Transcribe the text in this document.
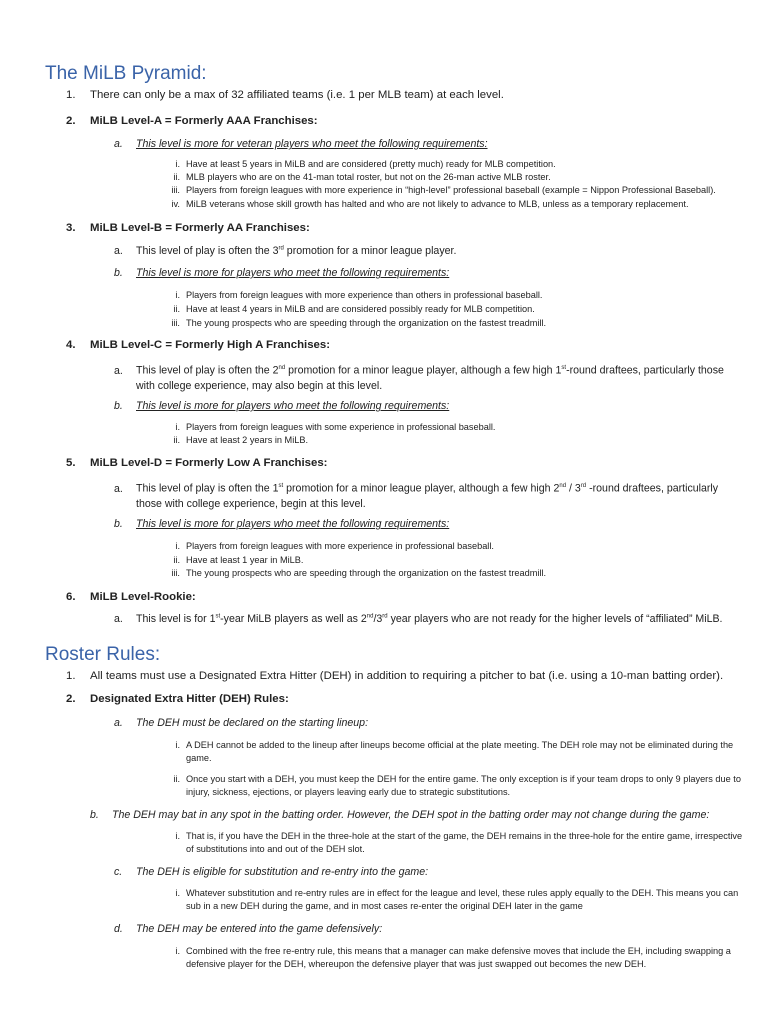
The MiLB Pyramid:
1. There can only be a max of 32 affiliated teams (i.e. 1 per MLB team) at each level.
2. MiLB Level-A = Formerly AAA Franchises:
a. This level is more for veteran players who meet the following requirements:
i. Have at least 5 years in MiLB and are considered (pretty much) ready for MLB competition.
ii. MLB players who are on the 41-man total roster, but not on the 26-man active MLB roster.
iii. Players from foreign leagues with more experience in “high-level” professional baseball (example = Nippon Professional Baseball).
iv. MiLB veterans whose skill growth has halted and who are not likely to advance to MLB, unless as a temporary replacement.
3. MiLB Level-B = Formerly AA Franchises:
a. This level of play is often the 3rd promotion for a minor league player.
b. This level is more for players who meet the following requirements:
i. Players from foreign leagues with more experience than others in professional baseball.
ii. Have at least 4 years in MiLB and are considered possibly ready for MLB competition.
iii. The young prospects who are speeding through the organization on the fastest treadmill.
4. MiLB Level-C = Formerly High A Franchises:
a. This level of play is often the 2nd promotion for a minor league player, although a few high 1st-round draftees, particularly those with college experience, may also begin at this level.
b. This level is more for players who meet the following requirements:
i. Players from foreign leagues with some experience in professional baseball.
ii. Have at least 2 years in MiLB.
5. MiLB Level-D = Formerly Low A Franchises:
a. This level of play is often the 1st promotion for a minor league player, although a few high 2nd / 3rd -round draftees, particularly those with college experience, begin at this level.
b. This level is more for players who meet the following requirements:
i. Players from foreign leagues with more experience in professional baseball.
ii. Have at least 1 year in MiLB.
iii. The young prospects who are speeding through the organization on the fastest treadmill.
6. MiLB Level-Rookie:
a. This level is for 1st-year MiLB players as well as 2nd/3rd year players who are not ready for the higher levels of “affiliated” MiLB.
Roster Rules:
1. All teams must use a Designated Extra Hitter (DEH) in addition to requiring a pitcher to bat (i.e. using a 10-man batting order).
2. Designated Extra Hitter (DEH) Rules:
a. The DEH must be declared on the starting lineup:
i. A DEH cannot be added to the lineup after lineups become official at the plate meeting. The DEH role may not be eliminated during the game.
ii. Once you start with a DEH, you must keep the DEH for the entire game. The only exception is if your team drops to only 9 players due to injury, sickness, ejections, or players leaving early due to strategic substitutions.
b. The DEH may bat in any spot in the batting order. However, the DEH spot in the batting order may not change during the game:
i. That is, if you have the DEH in the three-hole at the start of the game, the DEH remains in the three-hole for the entire game, irrespective of substitutions into and out of the DEH slot.
c. The DEH is eligible for substitution and re-entry into the game:
i. Whatever substitution and re-entry rules are in effect for the league and level, these rules apply equally to the DEH. This means you can sub in a new DEH during the game, and in most cases re-enter the original DEH later in the game
d. The DEH may be entered into the game defensively:
i. Combined with the free re-entry rule, this means that a manager can make defensive moves that include the EH, including swapping a defensive player for the DEH, whereupon the defensive player that was just swapped out becomes the new DEH.
